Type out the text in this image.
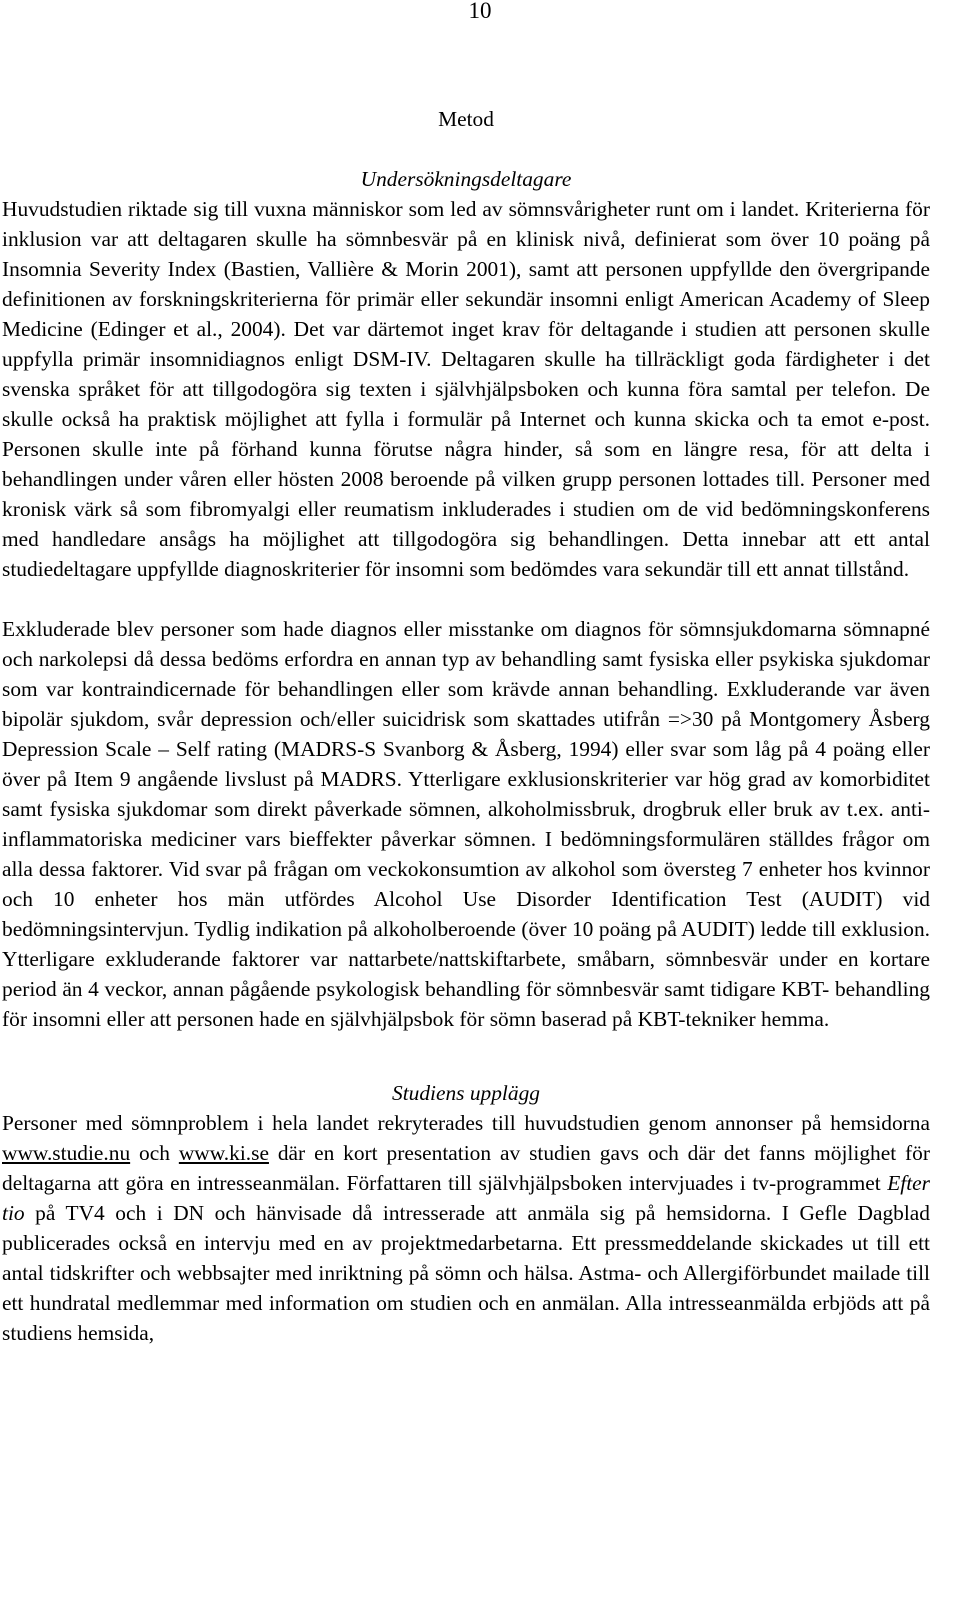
10
Metod
Undersökningsdeltagare

Huvudstudien riktade sig till vuxna människor som led av sömnsvårigheter runt om i landet. Kriterierna för inklusion var att deltagaren skulle ha sömnbesvär på en klinisk nivå, definierat som över 10 poäng på Insomnia Severity Index (Bastien, Vallière & Morin 2001), samt att personen uppfyllde den övergripande definitionen av forskningskriterierna för primär eller sekundär insomni enligt American Academy of Sleep Medicine (Edinger et al., 2004). Det var därtemot inget krav för deltagande i studien att personen skulle uppfylla primär insomnidiagnos enligt DSM-IV. Deltagaren skulle ha tillräckligt goda färdigheter i det svenska språket för att tillgodogöra sig texten i självhjälpsboken och kunna föra samtal per telefon. De skulle också ha praktisk möjlighet att fylla i formulär på Internet och kunna skicka och ta emot e-post. Personen skulle inte på förhand kunna förutse några hinder, så som en längre resa, för att delta i behandlingen under våren eller hösten 2008 beroende på vilken grupp personen lottades till. Personer med kronisk värk så som fibromyalgi eller reumatism inkluderades i studien om de vid bedömningskonferens med handledare ansågs ha möjlighet att tillgodogöra sig behandlingen. Detta innebar att ett antal studiedeltagare uppfyllde diagnoskriterier för insomni som bedömdes vara sekundär till ett annat tillstånd.

Exkluderade blev personer som hade diagnos eller misstanke om diagnos för sömnsjukdomarna sömnapné och narkolepsi då dessa bedöms erfordra en annan typ av behandling samt fysiska eller psykiska sjukdomar som var kontraindicernade för behandlingen eller som krävde annan behandling. Exkluderande var även bipolär sjukdom, svår depression och/eller suicidrisk som skattades utifrån =>30 på Montgomery Åsberg Depression Scale – Self rating (MADRS-S Svanborg & Åsberg, 1994) eller svar som låg på 4 poäng eller över på Item 9 angående livslust på MADRS. Ytterligare exklusionskriterier var hög grad av komorbiditet samt fysiska sjukdomar som direkt påverkade sömnen, alkoholmissbruk, drogbruk eller bruk av t.ex. anti-inflammatoriska mediciner vars bieffekter påverkar sömnen. I bedömningsformulären ställdes frågor om alla dessa faktorer. Vid svar på frågan om veckokonsumtion av alkohol som översteg 7 enheter hos kvinnor och 10 enheter hos män utfördes Alcohol Use Disorder Identification Test (AUDIT) vid bedömningsintervjun. Tydlig indikation på alkoholberoende (över 10 poäng på AUDIT) ledde till exklusion. Ytterligare exkluderande faktorer var nattarbete/nattskiftarbete, småbarn, sömnbesvär under en kortare period än 4 veckor, annan pågående psykologisk behandling för sömnbesvär samt tidigare KBT- behandling för insomni eller att personen hade en självhjälpsbok för sömn baserad på KBT-tekniker hemma.

Studiens upplägg

Personer med sömnproblem i hela landet rekryterades till huvudstudien genom annonser på hemsidorna www.studie.nu och www.ki.se där en kort presentation av studien gavs och där det fanns möjlighet för deltagarna att göra en intresseanmälan. Författaren till självhjälpsboken intervjuades i tv-programmet Efter tio på TV4 och i DN och hänvisade då intresserade att anmäla sig på hemsidorna. I Gefle Dagblad publicerades också en intervju med en av projektmedarbetarna. Ett pressmeddelande skickades ut till ett antal tidskrifter och webbsajter med inriktning på sömn och hälsa. Astma- och Allergiförbundet mailade till ett hundratal medlemmar med information om studien och en anmälan. Alla intresseanmälda erbjöds att på studiens hemsida,
